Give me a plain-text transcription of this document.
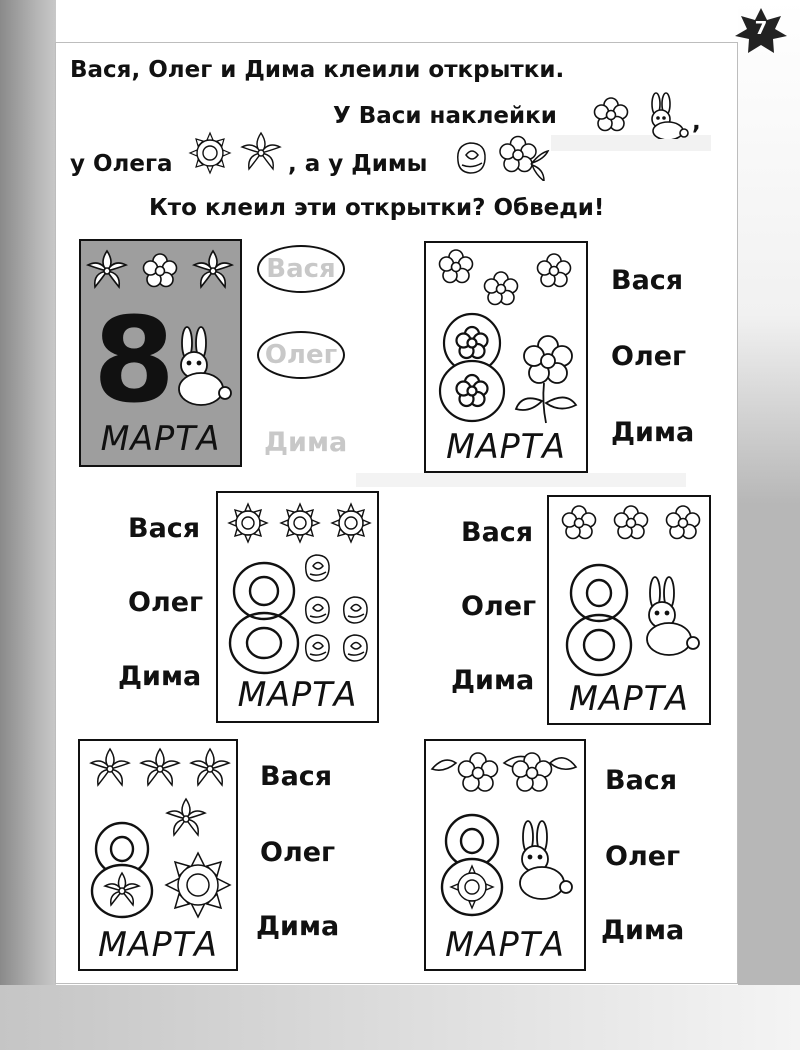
7
Вася, Олег и Дима клеили открытки.
У Васи наклейки	,
у Олега	, а у Димы
Кто клеил эти открытки? Обведи!
8
МАРТА
Вася
Олег
Дима	МАРТА
Вася
Олег
Дима
МАРТА
Вася
Олег
Дима
МАРТА
Вася
Олег
Дима
МАРТА
Вася
Олег
Дима	МАРТА
Вася
Олег
Дима
